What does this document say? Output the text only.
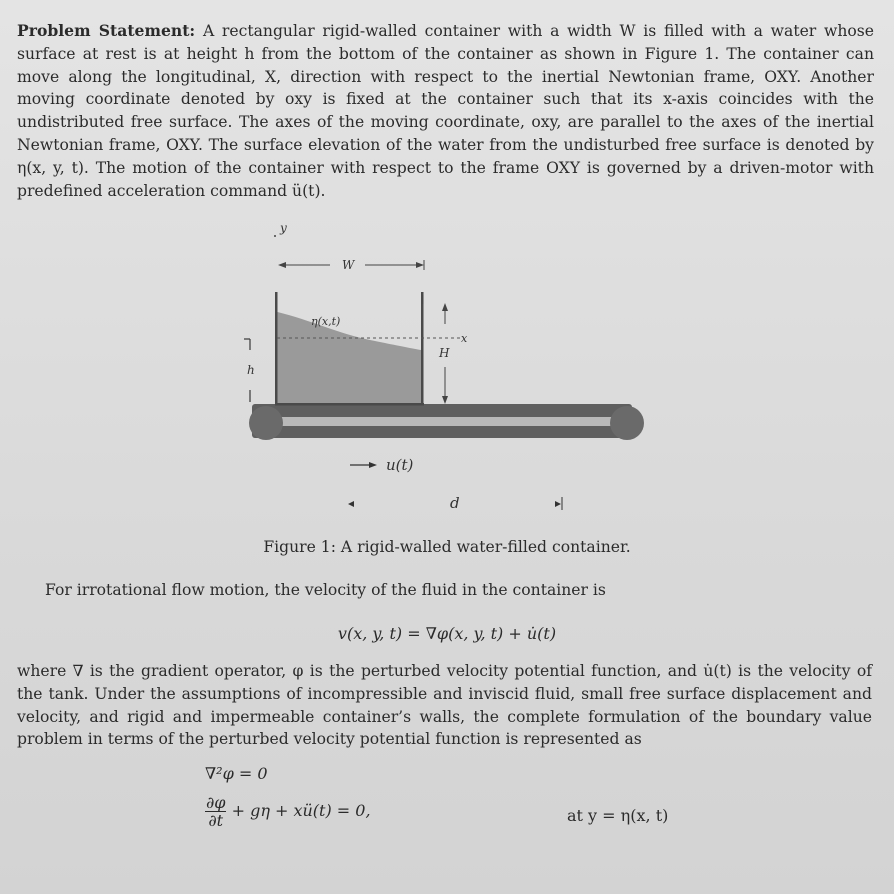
Problem Statement: A rectangular rigid-walled container with a width W is filled with a water whose surface at rest is at height h from the bottom of the container as shown in Figure 1. The container can move along the longitudinal, X, direction with respect to the inertial Newtonian frame, OXY. Another moving coordinate denoted by oxy is fixed at the container such that its x-axis coincides with the undistributed free surface. The axes of the moving coordinate, oxy, are parallel to the axes of the inertial Newtonian frame, OXY. The surface elevation of the water from the undisturbed free surface is denoted by η(x, y, t). The motion of the container with respect to the frame OXY is governed by a driven-motor with predefined acceleration command ü(t).
y
W
η(x,t)
H
x
h
u(t)
d
Figure 1: A rigid-walled water-filled container.
For irrotational flow motion, the velocity of the fluid in the container is
v(x, y, t) = ∇φ(x, y, t) + u̇(t)
where ∇ is the gradient operator, φ is the perturbed velocity potential function, and u̇(t) is the velocity of the tank. Under the assumptions of incompressible and inviscid fluid, small free surface displacement and velocity, and rigid and impermeable container’s walls, the complete formulation of the boundary value problem in terms of the perturbed velocity potential function is represented as
∇²φ = 0
$\frac{\partial\varphi}{\partial t} + g\eta$ + xü(t) = 0,	at y = η(x, t)
